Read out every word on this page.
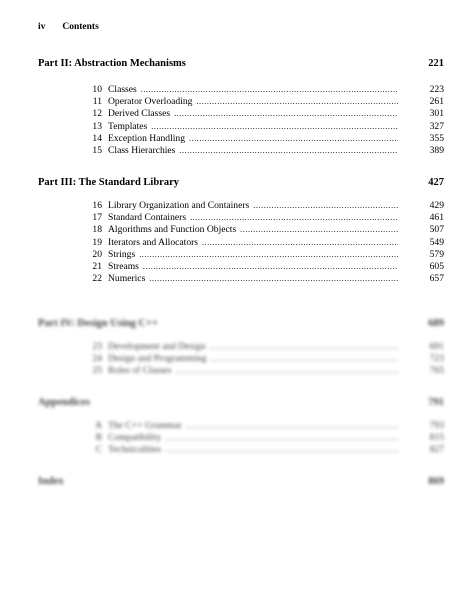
iv Contents
Part II: Abstraction Mechanisms	221
10 Classes .....	223
11 Operator Overloading .....	261
12 Derived Classes .....	301
13 Templates .....	327
14 Exception Handling .....	355
15 Class Hierarchies .....	389
Part III: The Standard Library	427
16 Library Organization and Containers .....	429
17 Standard Containers .....	461
18 Algorithms and Function Objects .....	507
19 Iterators and Allocators .....	549
20 Strings .....	579
21 Streams .....	605
22 Numerics .....	657
Part IV: Design Using C++	689
23 Development and Design .....	691
24 Design and Programming .....	723
25 Roles of Classes .....	765
Appendices	791
A The C++ Grammar .....	793
B Compatibility .....	815
C Technicalities .....	827
Index	869
